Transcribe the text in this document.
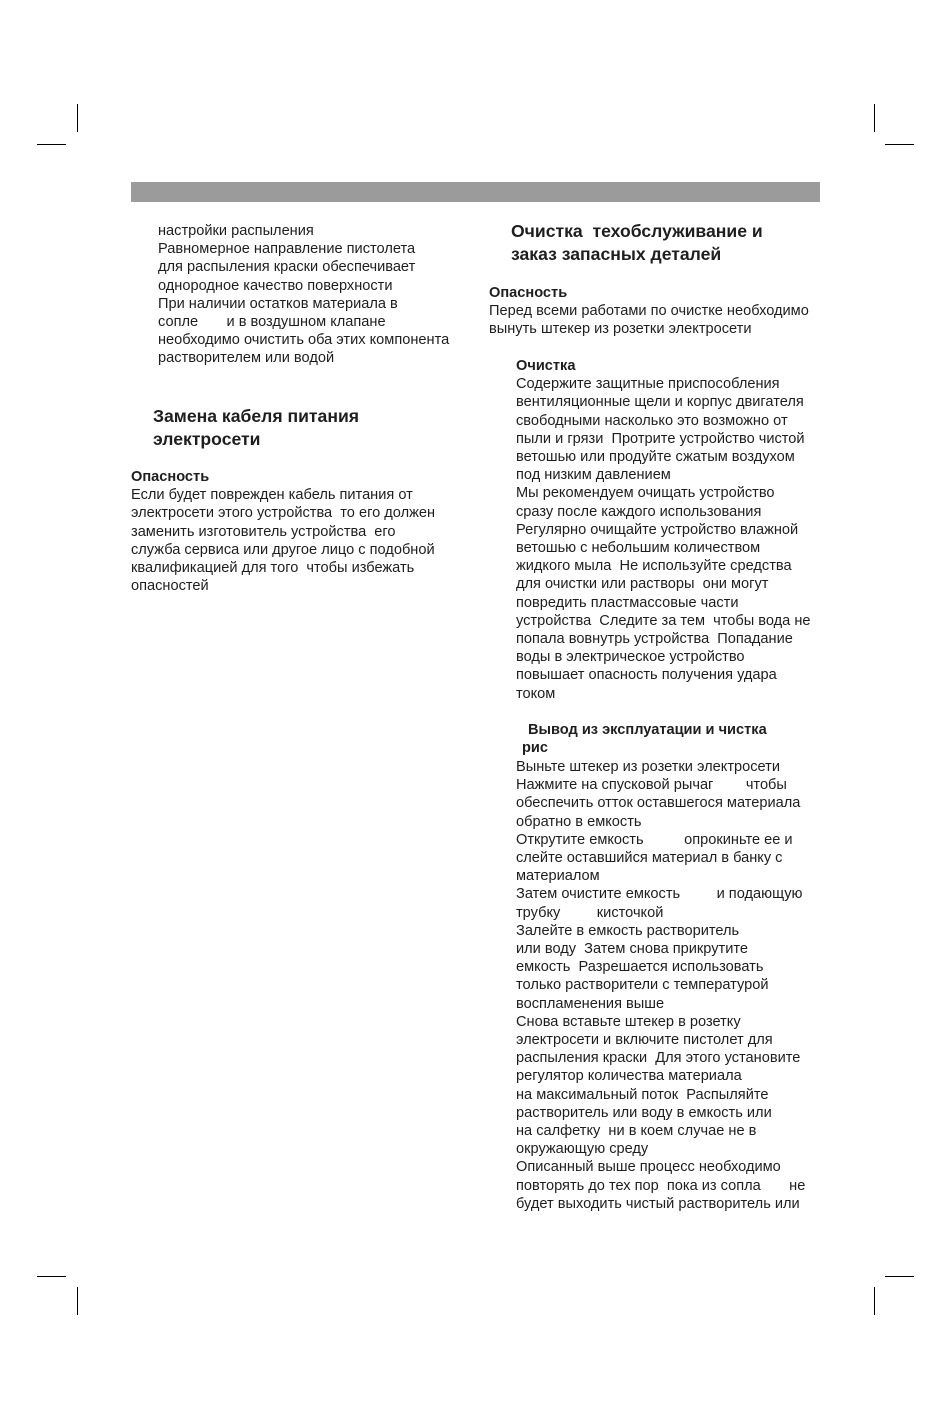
настройки распыления
Равномерное направление пистолета
для распыления краски обеспечивает
однородное качество поверхности
При наличии остатков материала в
сопле       и в воздушном клапане
необходимо очистить оба этих компонента
растворителем или водой
Замена кабеля питания
электросети
Опасность
Если будет поврежден кабель питания от
электросети этого устройства  то его должен
заменить изготовитель устройства  его
служба сервиса или другое лицо с подобной
квалификацией для того  чтобы избежать
опасностей
Очистка  техобслуживание и
заказ запасных деталей
Опасность
Перед всеми работами по очистке необходимо
вынуть штекер из розетки электросети
Очистка
Содержите защитные приспособления
вентиляционные щели и корпус двигателя
свободными насколько это возможно от
пыли и грязи  Протрите устройство чистой
ветошью или продуйте сжатым воздухом
под низким давлением
Мы рекомендуем очищать устройство
сразу после каждого использования
Регулярно очищайте устройство влажной
ветошью с небольшим количеством
жидкого мыла  Не используйте средства
для очистки или растворы  они могут
повредить пластмассовые части
устройства  Следите за тем  чтобы вода не
попала вовнутрь устройства  Попадание
воды в электрическое устройство
повышает опасность получения удара
током
Вывод из эксплуатации и чистка
рис
Выньте штекер из розетки электросети
Нажмите на спусковой рычаг        чтобы
обеспечить отток оставшегося материала
обратно в емкость
Открутите емкость          опрокиньте ее и
слейте оставшийся материал в банку с
материалом
Затем очистите емкость         и подающую
трубку         кисточкой
Залейте в емкость растворитель
или воду  Затем снова прикрутите
емкость  Разрешается использовать
только растворители с температурой
воспламенения выше
Снова вставьте штекер в розетку
электросети и включите пистолет для
распыления краски  Для этого установите
регулятор количества материала
на максимальный поток  Распыляйте
растворитель или воду в емкость или
на салфетку  ни в коем случае не в
окружающую среду
Описанный выше процесс необходимо
повторять до тех пор  пока из сопла       не
будет выходить чистый растворитель или
